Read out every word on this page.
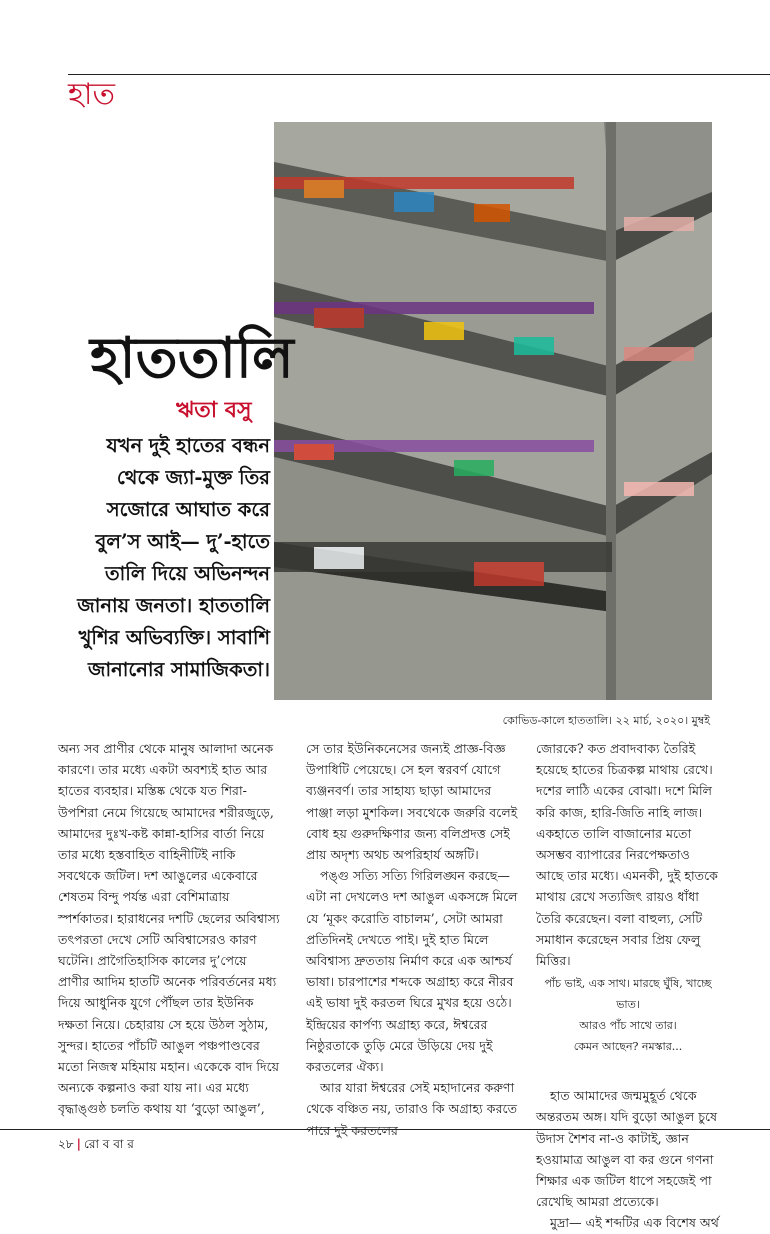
হাত
কোভিড-কালে হাততালি। ২২ মার্চ, ২০২০। মুম্বই
হাততালি
ঋতা বসু

যখন দুই হাতের বন্ধন থেকে জ্যা-মুক্ত তির সজোরে আঘাত করে বুল’স আই— দু’-হাতে তালি দিয়ে অভিনন্দন জানায় জনতা। হাততালি খুশির অভিব্যক্তি। সাবাশি জানানোর সামাজিকতা।

অন্য সব প্রাণীর থেকে মানুষ আলাদা অনেক কারণে। তার মধ্যে একটা অবশ্যই হাত আর হাতের ব্যবহার। মস্তিষ্ক থেকে যত শিরা-উপশিরা নেমে গিয়েছে আমাদের শরীরজুড়ে, আমাদের দুঃখ-কষ্ট কান্না-হাসির বার্তা নিয়ে তার মধ্যে হস্তবাহিত বাহিনীটিই নাকি সবথেকে জটিল। দশ আঙুলের একেবারে শেষতম বিন্দু পর্যন্ত এরা বেশিমাত্রায় স্পর্শকাতর। হারাধনের দশটি ছেলের অবিশ্বাস্য তৎপরতা দেখে সেটি অবিশ্বাসেরও কারণ ঘটেনি। প্রাগৈতিহাসিক কালের দু’পেয়ে প্রাণীর আদিম হাতটি অনেক পরিবর্তনের মধ্য দিয়ে আধুনিক যুগে পৌঁছল তার ইউনিক দক্ষতা নিয়ে। চেহারায় সে হয়ে উঠল সুঠাম, সুন্দর। হাতের পাঁচটি আঙুল পঞ্চপাণ্ডবের মতো নিজস্ব মহিমায় মহান। একেকে বাদ দিয়ে অন্যকে কল্পনাও করা যায় না। এর মধ্যে বৃদ্ধাঙ্গুষ্ঠ চলতি কথায় যা ‘বুড়ো আঙুল’,

সে তার ইউনিকনেসের জন্যই প্রাজ্ঞ-বিজ্ঞ উপাধিটি পেয়েছে। সে হল স্বরবর্ণ যোগে ব্যঞ্জনবর্ণ। তার সাহায্য ছাড়া আমাদের পাঞ্জা লড়া মুশকিল। সবথেকে জরুরি বলেই বোধ হয় গুরুদক্ষিণার জন্য বলিপ্রদত্ত সেই প্রায় অদৃশ্য অথচ অপরিহার্য অঙ্গটি।

পঙ্গু সত্যি সত্যি গিরিলঙ্ঘন করছে— এটা না দেখলেও দশ আঙুল একসঙ্গে মিলে যে ‘মূকং করোতি বাচালম’, সেটা আমরা প্রতিদিনই দেখতে পাই। দুই হাত মিলে অবিশ্বাস্য দ্রুততায় নির্মাণ করে এক আশ্চর্য ভাষা। চারপাশের শব্দকে অগ্রাহ্য করে নীরব এই ভাষা দুই করতল ঘিরে মুখর হয়ে ওঠে। ইন্দ্রিয়ের কার্পণ্য অগ্রাহ্য করে, ঈশ্বরের নিষ্ঠুরতাকে তুড়ি মেরে উড়িয়ে দেয় দুই করতলের ঐক্য।

আর যারা ঈশ্বরের সেই মহাদানের করুণা থেকে বঞ্চিত নয়, তারাও কি অগ্রাহ্য করতে পারে দুই করতলের

জোরকে? কত প্রবাদবাক্য তৈরিই হয়েছে হাতের চিত্রকল্প মাথায় রেখে। দশের লাঠি একের বোঝা। দশে মিলি করি কাজ, হারি-জিতি নাহি লাজ। একহাতে তালি বাজানোর মতো অসম্ভব ব্যাপারের নিরপেক্ষতাও আছে তার মধ্যে। এমনকী, দুই হাতকে মাথায় রেখে সত্যজিৎ রায়ও ধাঁধা তৈরি করেছেন। বলা বাহুল্য, সেটি সমাধান করেছেন সবার প্রিয় ফেলু মিত্তির।

পাঁচ ভাই, এক সাথ। মারছে ঘুঁষি, খাচ্ছে ভাত।
আরও পাঁচ সাথে তার।
কেমন আছেন? নমস্কার...

হাত আমাদের জন্মমুহূর্ত থেকে অন্তরতম অঙ্গ। যদি বুড়ো আঙুল চুষে উদাস শৈশব না-ও কাটাই, জ্ঞান হওয়ামাত্র আঙুল বা কর গুনে গণনা শিক্ষার এক জটিল ধাপে সহজেই পা রেখেছি আমরা প্রত্যেকে।

মুদ্রা— এই শব্দটির এক বিশেষ অর্থ

২৮ | রো ব বা র
